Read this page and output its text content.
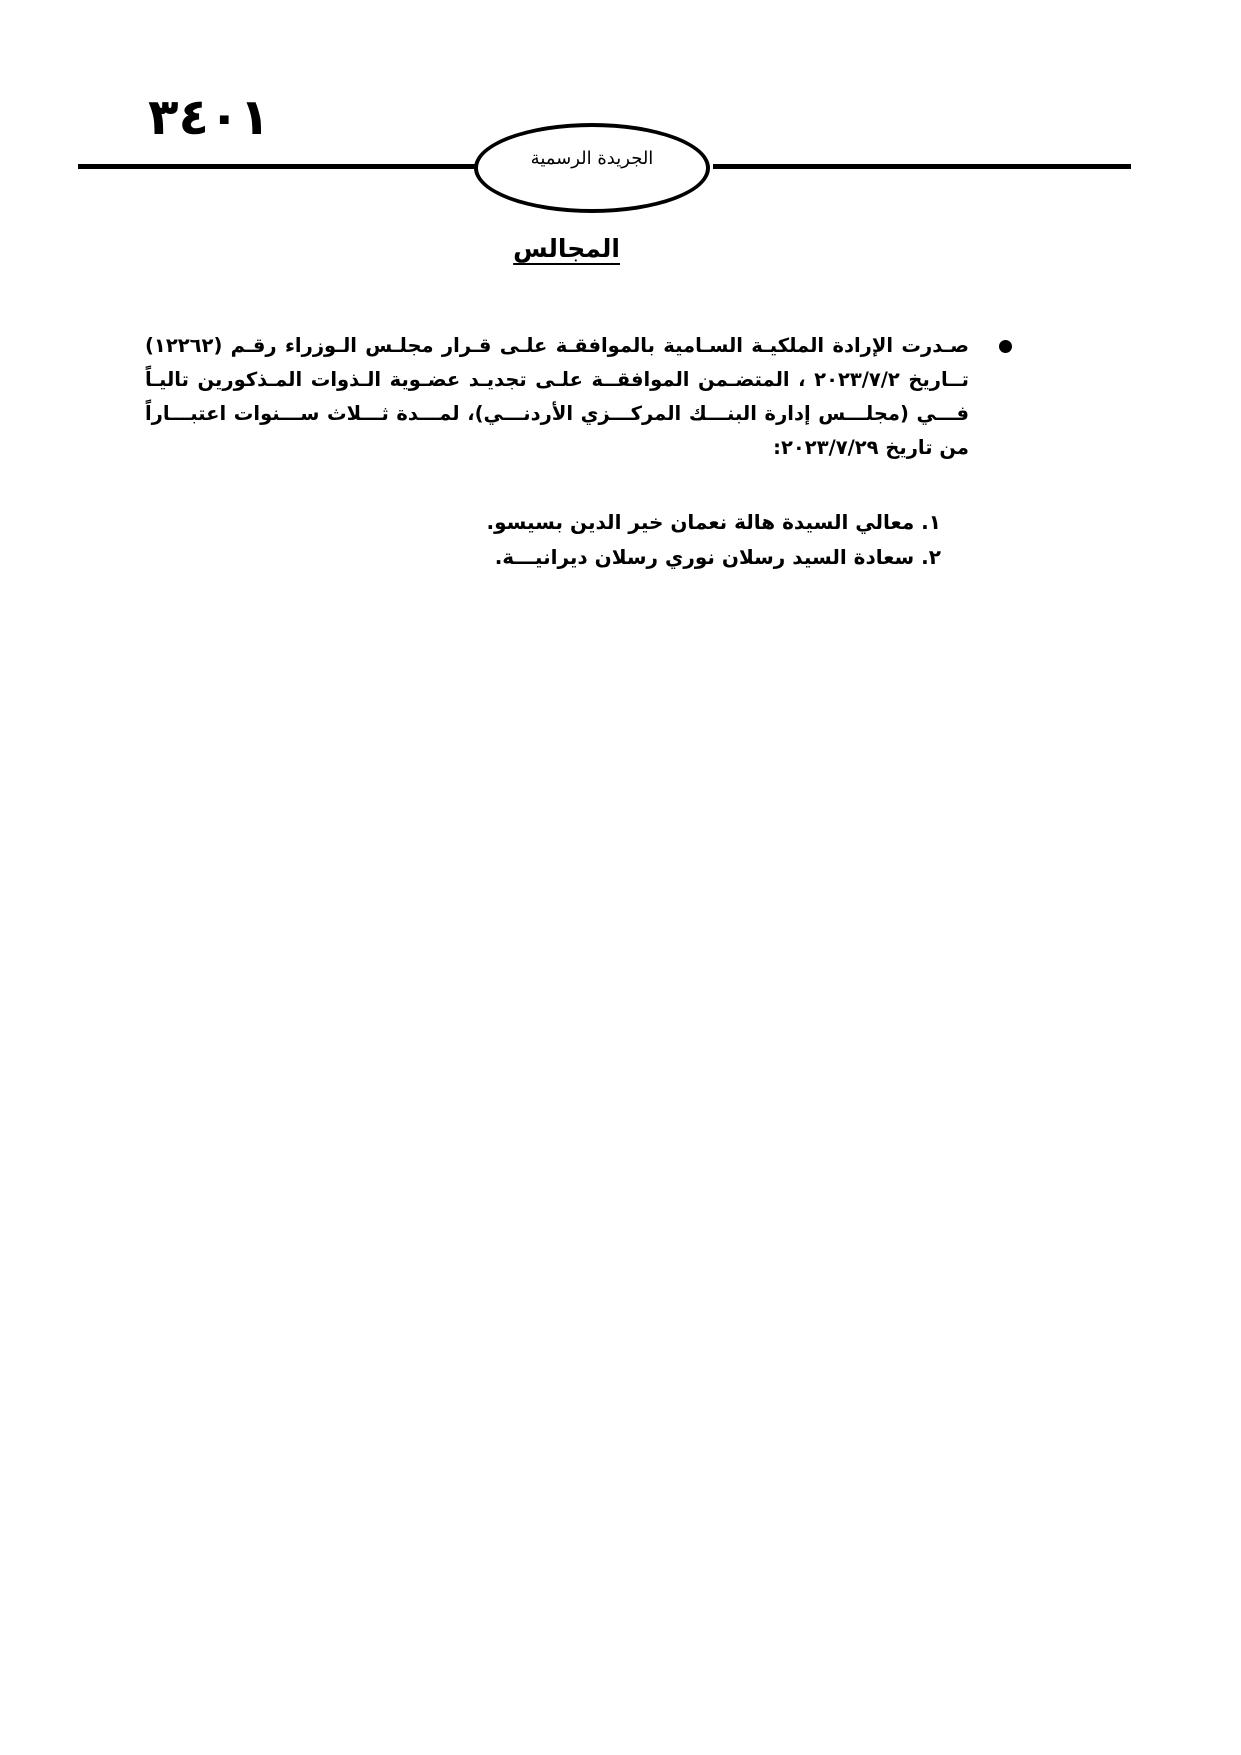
٣٤٠١
الجريدة الرسمية
المجالس
صـدرت الإرادة الملكيـة السـامية بالموافقـة علـى قـرار مجلـس الـوزراء رقـم (١٢٢٦٢)
تــاريخ ٢٠٢٣/٧/٢ ، المتضـمن الموافقــة علـى تجديـد عضـوية الـذوات المـذكورين تاليـاً
فـــي (مجلـــس إدارة البنـــك المركـــزي الأردنـــي)، لمـــدة ثـــلاث ســـنوات اعتبـــاراً
من تاريخ ٢٠٢٣/٧/٢٩:
١. معالي السيدة هالة نعمان خير الدين بسيسو.
٢. سعادة السيد رسلان نوري رسلان ديرانيـــة.
